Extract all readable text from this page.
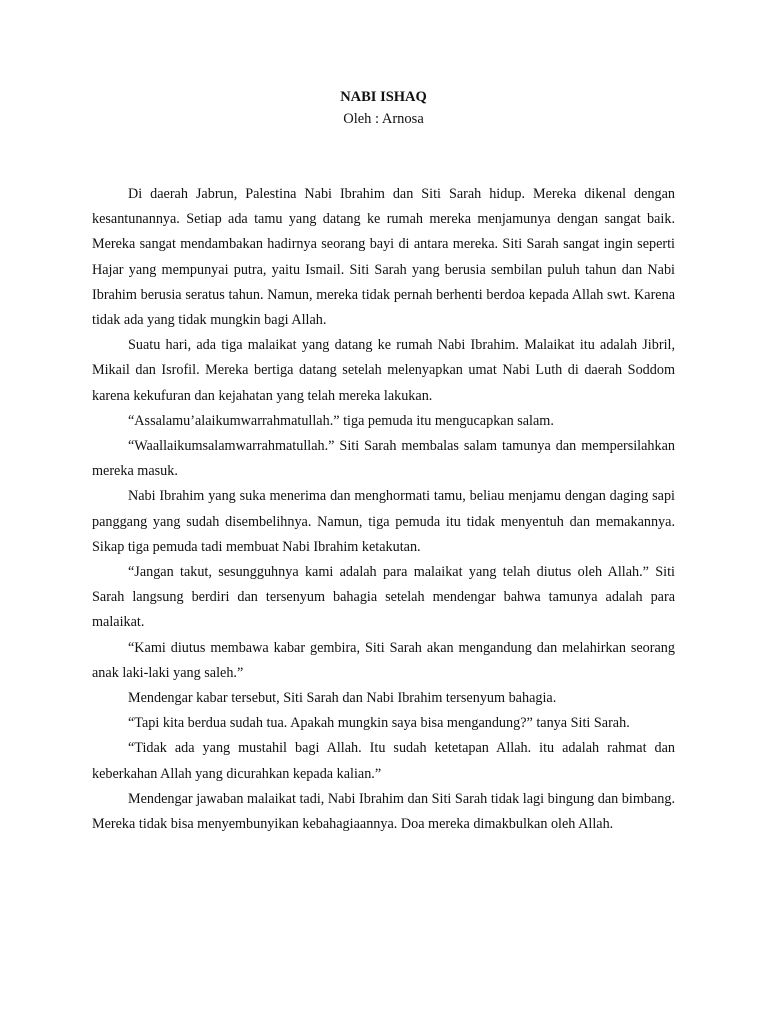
NABI ISHAQ

Oleh : Arnosa

Di daerah Jabrun, Palestina Nabi Ibrahim dan Siti Sarah hidup. Mereka dikenal dengan kesantunannya. Setiap ada tamu yang datang ke rumah mereka menjamunya dengan sangat baik. Mereka sangat mendambakan hadirnya seorang bayi di antara mereka. Siti Sarah sangat ingin seperti Hajar yang mempunyai putra, yaitu Ismail. Siti Sarah yang berusia sembilan puluh tahun dan Nabi Ibrahim berusia seratus tahun. Namun, mereka tidak pernah berhenti berdoa kepada Allah swt. Karena tidak ada yang tidak mungkin bagi Allah.

Suatu hari, ada tiga malaikat yang datang ke rumah Nabi Ibrahim. Malaikat itu adalah Jibril, Mikail dan Isrofil. Mereka bertiga datang setelah melenyapkan umat Nabi Luth di daerah Soddom karena kekufuran dan kejahatan yang telah mereka lakukan.

“Assalamu’alaikumwarrahmatullah.” tiga pemuda itu mengucapkan salam.

“Waallaikumsalamwarrahmatullah.” Siti Sarah membalas salam tamunya dan mempersilahkan mereka masuk.

Nabi Ibrahim yang suka menerima dan menghormati tamu, beliau menjamu dengan daging sapi panggang yang sudah disembelihnya. Namun, tiga pemuda itu tidak menyentuh dan memakannya. Sikap tiga pemuda tadi membuat Nabi Ibrahim ketakutan.

“Jangan takut, sesungguhnya kami adalah para malaikat yang telah diutus oleh Allah.” Siti Sarah langsung berdiri dan tersenyum bahagia setelah mendengar bahwa tamunya adalah para malaikat.

“Kami diutus membawa kabar gembira, Siti Sarah akan mengandung dan melahirkan seorang anak laki-laki yang saleh.”

Mendengar kabar tersebut, Siti Sarah dan Nabi Ibrahim tersenyum bahagia.

“Tapi kita berdua sudah tua. Apakah mungkin saya bisa mengandung?” tanya Siti Sarah.

“Tidak ada yang mustahil bagi Allah. Itu sudah ketetapan Allah. itu adalah rahmat dan keberkahan Allah yang dicurahkan kepada kalian.”

Mendengar jawaban malaikat tadi, Nabi Ibrahim dan Siti Sarah tidak lagi bingung dan bimbang. Mereka tidak bisa menyembunyikan kebahagiaannya. Doa mereka dimakbulkan oleh Allah.
